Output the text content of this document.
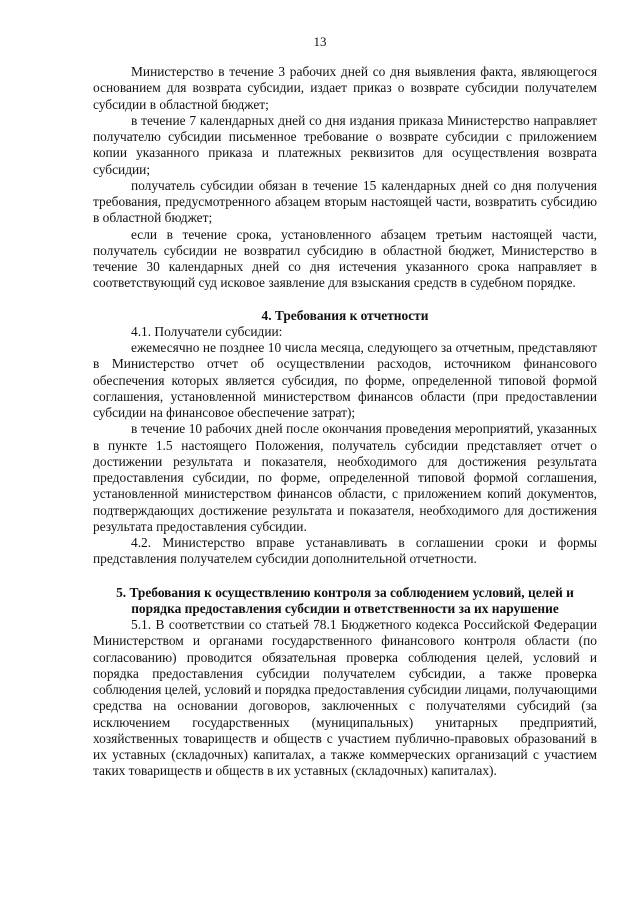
13

Министерство в течение 3 рабочих дней со дня выявления факта, являющегося основанием для возврата субсидии, издает приказ о возврате субсидии получателем субсидии в областной бюджет;

в течение 7 календарных дней со дня издания приказа Министерство направляет получателю субсидии письменное требование о возврате субсидии с приложением копии указанного приказа и платежных реквизитов для осуществления возврата субсидии;

получатель субсидии обязан в течение 15 календарных дней со дня получения требования, предусмотренного абзацем вторым настоящей части, возвратить субсидию в областной бюджет;

если в течение срока, установленного абзацем третьим настоящей части, получатель субсидии не возвратил субсидию в областной бюджет, Министерство в течение 30 календарных дней со дня истечения указанного срока направляет в соответствующий суд исковое заявление для взыскания средств в судебном порядке.

4. Требования к отчетности

4.1. Получатели субсидии:

ежемесячно не позднее 10 числа месяца, следующего за отчетным, представляют в Министерство отчет об осуществлении расходов, источником финансового обеспечения которых является субсидия, по форме, определенной типовой формой соглашения, установленной министерством финансов области (при предоставлении субсидии на финансовое обеспечение затрат);

в течение 10 рабочих дней после окончания проведения мероприятий, указанных в пункте 1.5 настоящего Положения, получатель субсидии представляет отчет о достижении результата и показателя, необходимого для достижения результата предоставления субсидии, по форме, определенной типовой формой соглашения, установленной министерством финансов области, с приложением копий документов, подтверждающих достижение результата и показателя, необходимого для достижения результата предоставления субсидии.

4.2. Министерство вправе устанавливать в соглашении сроки и формы представления получателем субсидии дополнительной отчетности.

5. Требования к осуществлению контроля за соблюдением условий, целей и порядка предоставления субсидии и ответственности за их нарушение

5.1. В соответствии со статьей 78.1 Бюджетного кодекса Российской Федерации Министерством и органами государственного финансового контроля области (по согласованию) проводится обязательная проверка соблюдения целей, условий и порядка предоставления субсидии получателем субсидии, а также проверка соблюдения целей, условий и порядка предоставления субсидии лицами, получающими средства на основании договоров, заключенных с получателями субсидий (за исключением государственных (муниципальных) унитарных предприятий, хозяйственных товариществ и обществ с участием публично-правовых образований в их уставных (складочных) капиталах, а также коммерческих организаций с участием таких товариществ и обществ в их уставных (складочных) капиталах).
